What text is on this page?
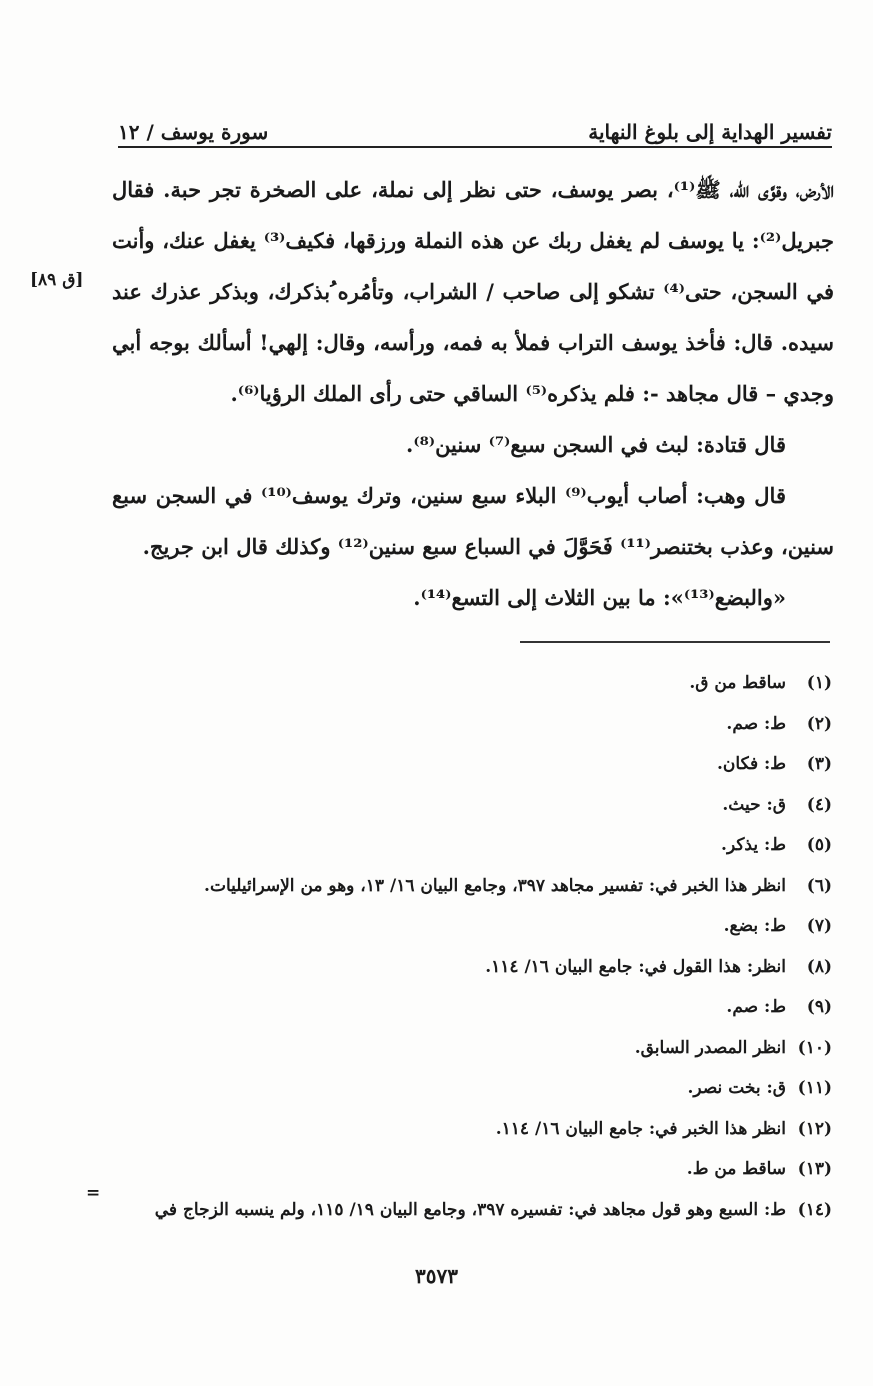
تفسير الهداية إلى بلوغ النهاية
سورة يوسف / ١٢
[ق ٨٩]

الأرض، وقوَّى الله، ﷺ⁽¹⁾، بصر يوسف، حتى نظر إلى نملة، على الصخرة تجر حبة. فقال جبريل⁽²⁾: يا يوسف لم يغفل ربك عن هذه النملة ورزقها، فكيف⁽³⁾ يغفل عنك، وأنت في السجن، حتى⁽⁴⁾ تشكو إلى صاحب / الشراب، وتأمُره ُبذكرك، وبذكر عذرك عند سيده. قال: فأخذ يوسف التراب فملأ به فمه، ورأسه، وقال: إلهي! أسألك بوجه أبي وجدي – قال مجاهد -: فلم يذكره⁽⁵⁾ الساقي حتى رأى الملك الرؤيا⁽⁶⁾.

قال قتادة: لبث في السجن سبع⁽⁷⁾ سنين⁽⁸⁾.

قال وهب: أصاب أيوب⁽⁹⁾ البلاء سبع سنين، وترك يوسف⁽¹⁰⁾ في السجن سبع سنين، وعذب بختنصر⁽¹¹⁾ فَحَوَّلَ في السباع سبع سنين⁽¹²⁾ وكذلك قال ابن جريج.

«والبضع⁽¹³⁾»: ما بين الثلاث إلى التسع⁽¹⁴⁾.

(١)
ساقط من ق.
(٢)
ط: صم.
(٣)
ط: فكان.
(٤)
ق: حيث.
(٥)
ط: يذكر.
(٦)
انظر هذا الخبر في: تفسير مجاهد ٣٩٧، وجامع البيان ١٦/ ١٣، وهو من الإسرائيليات.
(٧)
ط: بضع.
(٨)
انظر: هذا القول في: جامع البيان ١٦/ ١١٤.
(٩)
ط: صم.
(١٠)
انظر المصدر السابق.
(١١)
ق: بخت نصر.
(١٢)
انظر هذا الخبر في: جامع البيان ١٦/ ١١٤.
(١٣)
ساقط من ط.
(١٤)
ط: السبع وهو قول مجاهد في: تفسيره ٣٩٧، وجامع البيان ١٩/ ١١٥، ولم ينسبه الزجاج في
=
٣٥٧٣
